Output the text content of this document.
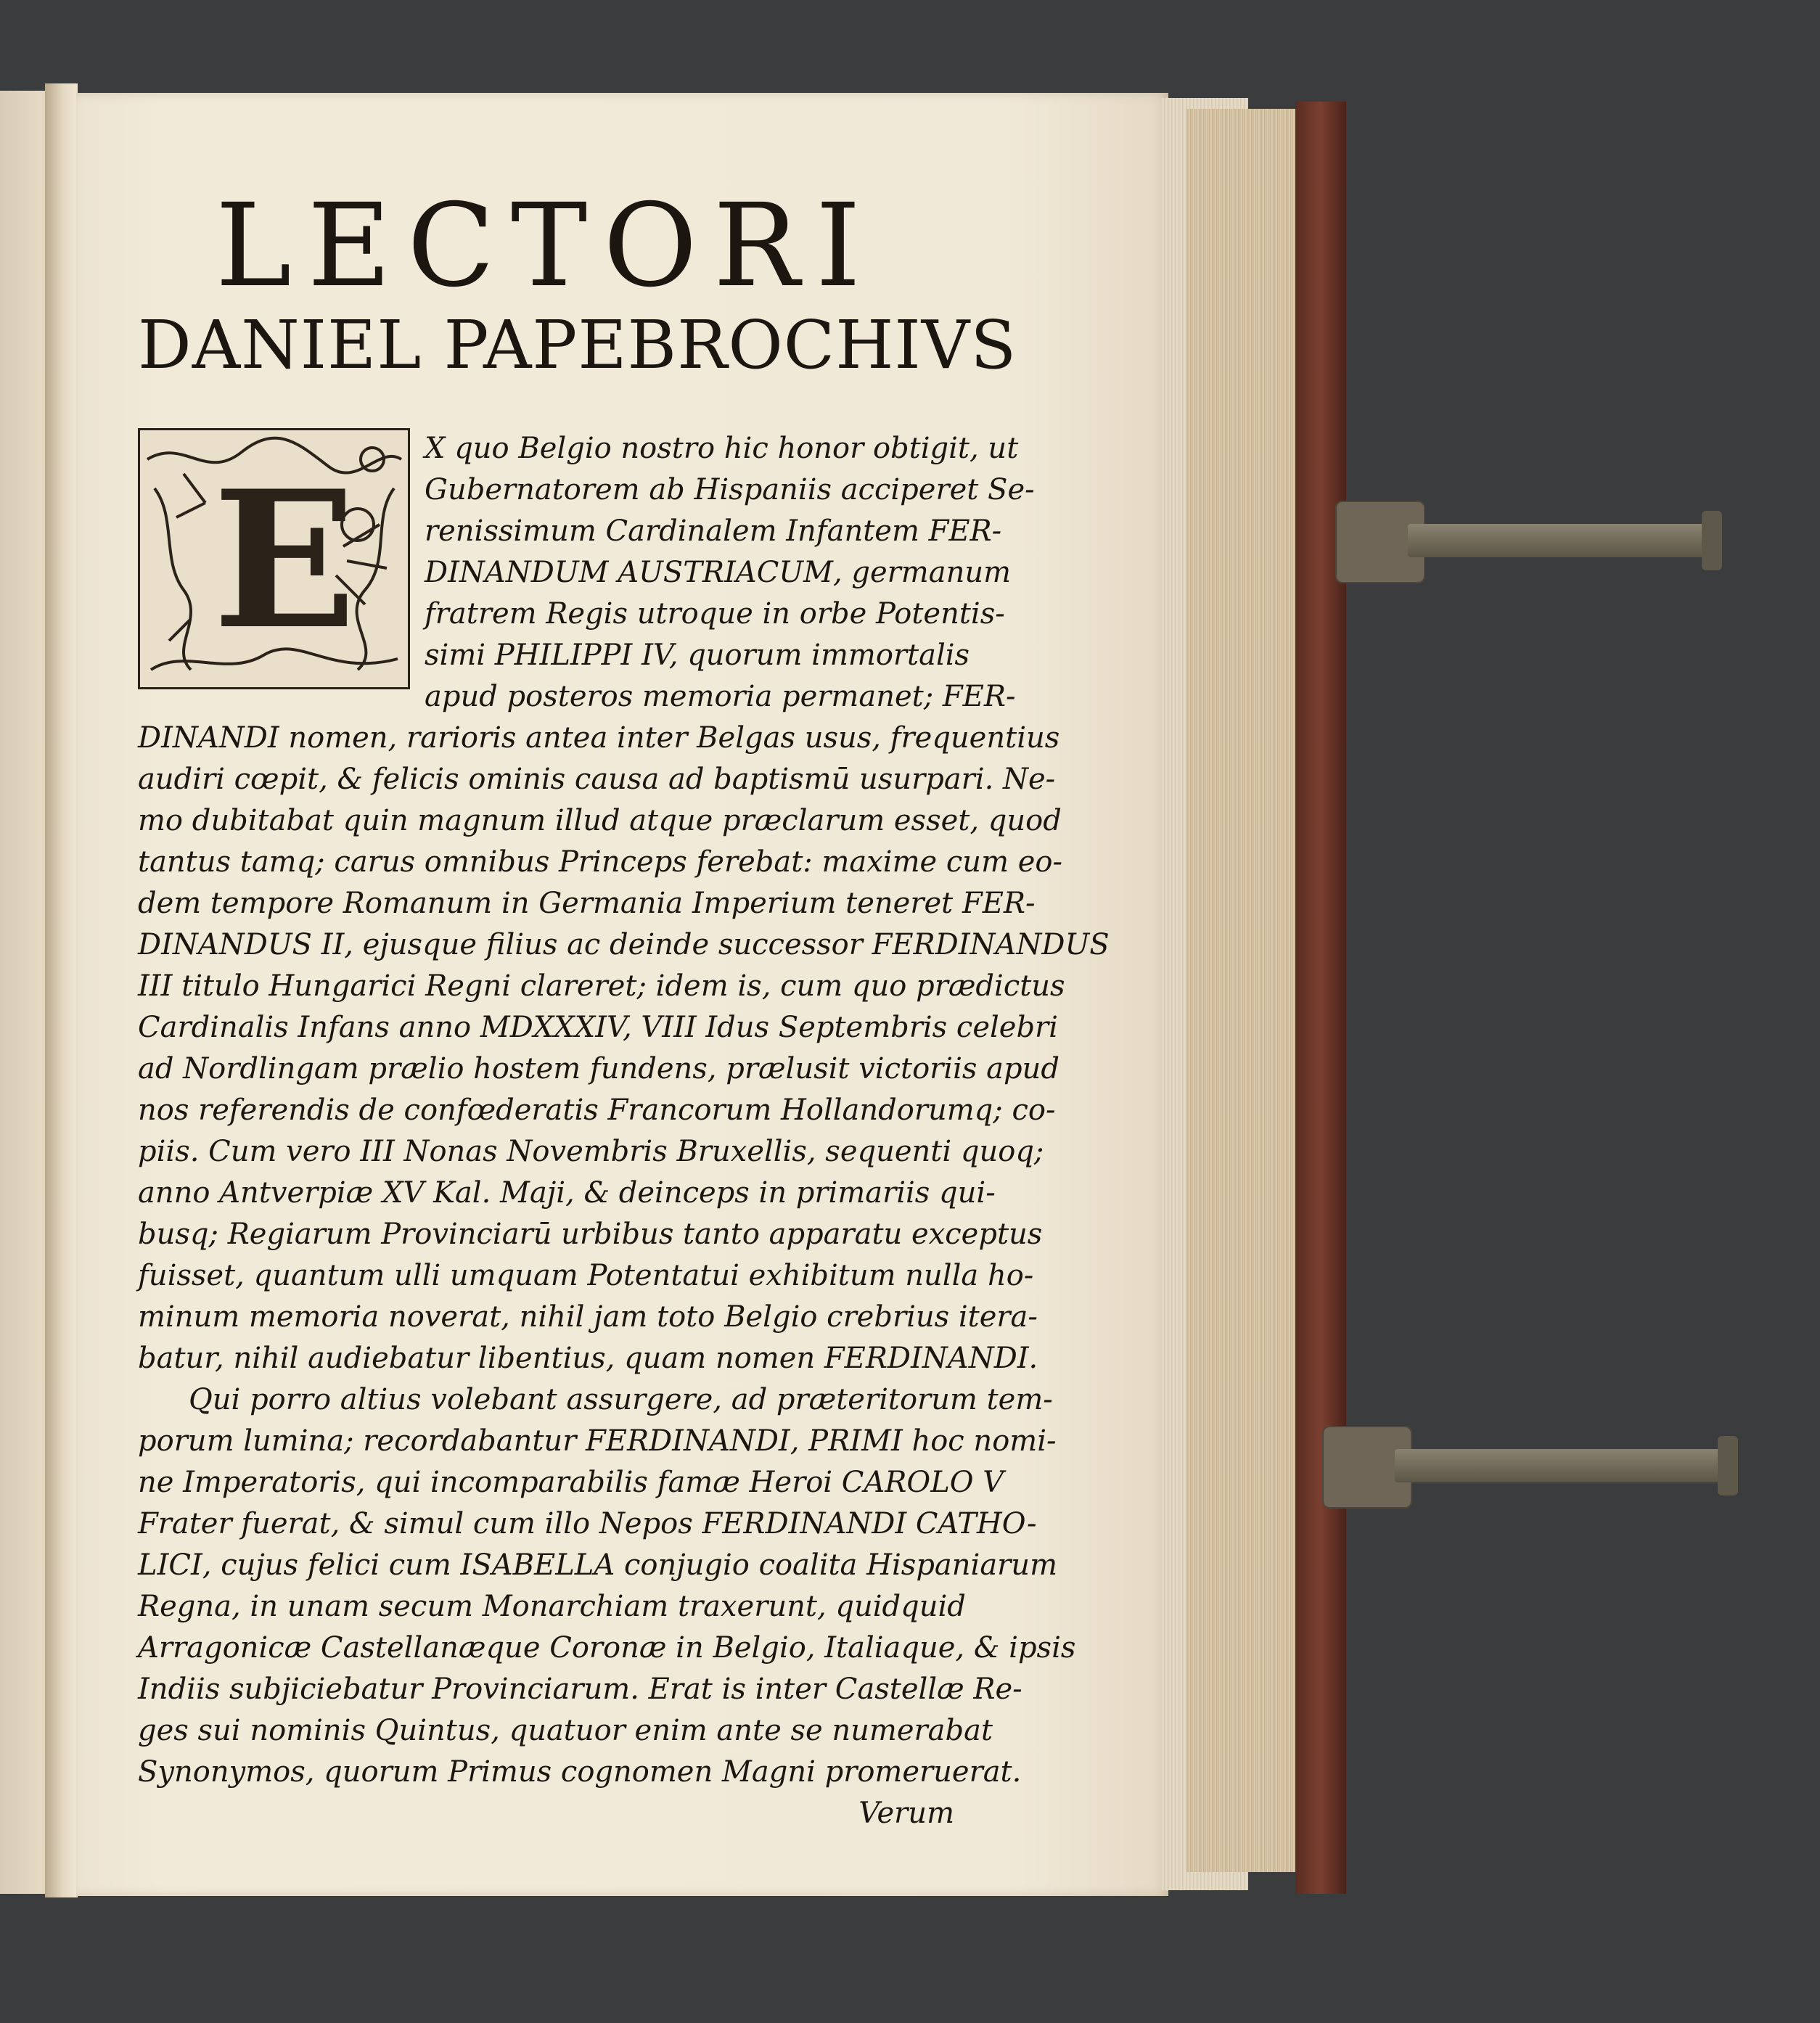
LECTORI
DANIEL PAPEBROCHIVS
E
X quo Belgio nostro hic honor obtigit, ut
Gubernatorem ab Hispaniis acciperet Se-
renissimum Cardinalem Infantem FER-
DINANDUM AUSTRIACUM, germanum
fratrem Regis utroque in orbe Potentis-
simi PHILIPPI IV, quorum immortalis
apud posteros memoria permanet; FER-
DINANDI nomen, rarioris antea inter Belgas usus, frequentius
audiri cœpit, & felicis ominis causa ad baptismū usurpari. Ne-
mo dubitabat quin magnum illud atque præclarum esset, quod
tantus tamq; carus omnibus Princeps ferebat: maxime cum eo-
dem tempore Romanum in Germania Imperium teneret FER-
DINANDUS II, ejusque filius ac deinde successor FERDINANDUS
III titulo Hungarici Regni clareret; idem is, cum quo prædictus
Cardinalis Infans anno MDXXXIV, VIII Idus Septembris celebri
ad Nordlingam prælio hostem fundens, prælusit victoriis apud
nos referendis de confœderatis Francorum Hollandorumq; co-
piis. Cum vero III Nonas Novembris Bruxellis, sequenti quoq;
anno Antverpiæ XV Kal. Maji, & deinceps in primariis qui-
busq; Regiarum Provinciarū urbibus tanto apparatu exceptus
fuisset, quantum ulli umquam Potentatui exhibitum nulla ho-
minum memoria noverat, nihil jam toto Belgio crebrius itera-
batur, nihil audiebatur libentius, quam nomen FERDINANDI.
Qui porro altius volebant assurgere, ad præteritorum tem-
porum lumina; recordabantur FERDINANDI, PRIMI hoc nomi-
ne Imperatoris, qui incomparabilis famæ Heroi CAROLO V
Frater fuerat, & simul cum illo Nepos FERDINANDI CATHO-
LICI, cujus felici cum ISABELLA conjugio coalita Hispaniarum
Regna, in unam secum Monarchiam traxerunt, quidquid
Arragonicæ Castellanæque Coronæ in Belgio, Italiaque, & ipsis
Indiis subjiciebatur Provinciarum. Erat is inter Castellæ Re-
ges sui nominis Quintus, quatuor enim ante se numerabat
Synonymos, quorum Primus cognomen Magni promeruerat.
Verum
